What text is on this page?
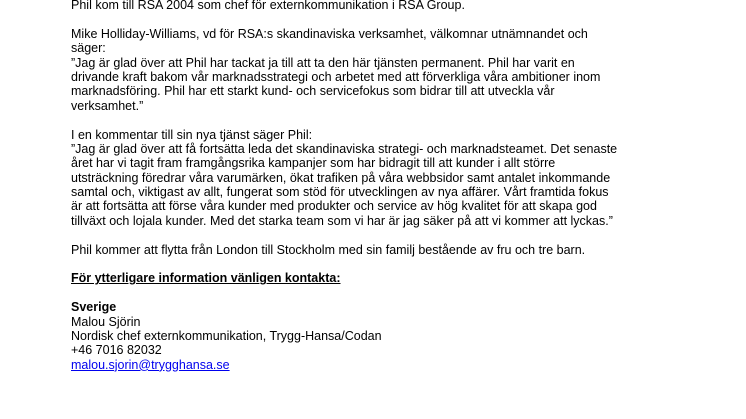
Phil kom till RSA 2004 som chef för externkommunikation i RSA Group.
Mike Holliday-Williams, vd för RSA:s skandinaviska verksamhet, välkomnar utnämnandet och
säger:
”Jag är glad över att Phil har tackat ja till att ta den här tjänsten permanent. Phil har varit en
drivande kraft bakom vår marknadsstrategi och arbetet med att förverkliga våra ambitioner inom
marknadsföring. Phil har ett starkt kund- och servicefokus som bidrar till att utveckla vår
verksamhet.”
I en kommentar till sin nya tjänst säger Phil:
”Jag är glad över att få fortsätta leda det skandinaviska strategi- och marknadsteamet. Det senaste
året har vi tagit fram framgångsrika kampanjer som har bidragit till att kunder i allt större
utsträckning föredrar våra varumärken, ökat trafiken på våra webbsidor samt antalet inkommande
samtal och, viktigast av allt, fungerat som stöd för utvecklingen av nya affärer. Vårt framtida fokus
är att fortsätta att förse våra kunder med produkter och service av hög kvalitet för att skapa god
tillväxt och lojala kunder. Med det starka team som vi har är jag säker på att vi kommer att lyckas.”
Phil kommer att flytta från London till Stockholm med sin familj bestående av fru och tre barn.
För ytterligare information vänligen kontakta:
Sverige
Malou Sjörin
Nordisk chef externkommunikation, Trygg-Hansa/Codan
+46 7016 82032
malou.sjorin@trygghansa.se
